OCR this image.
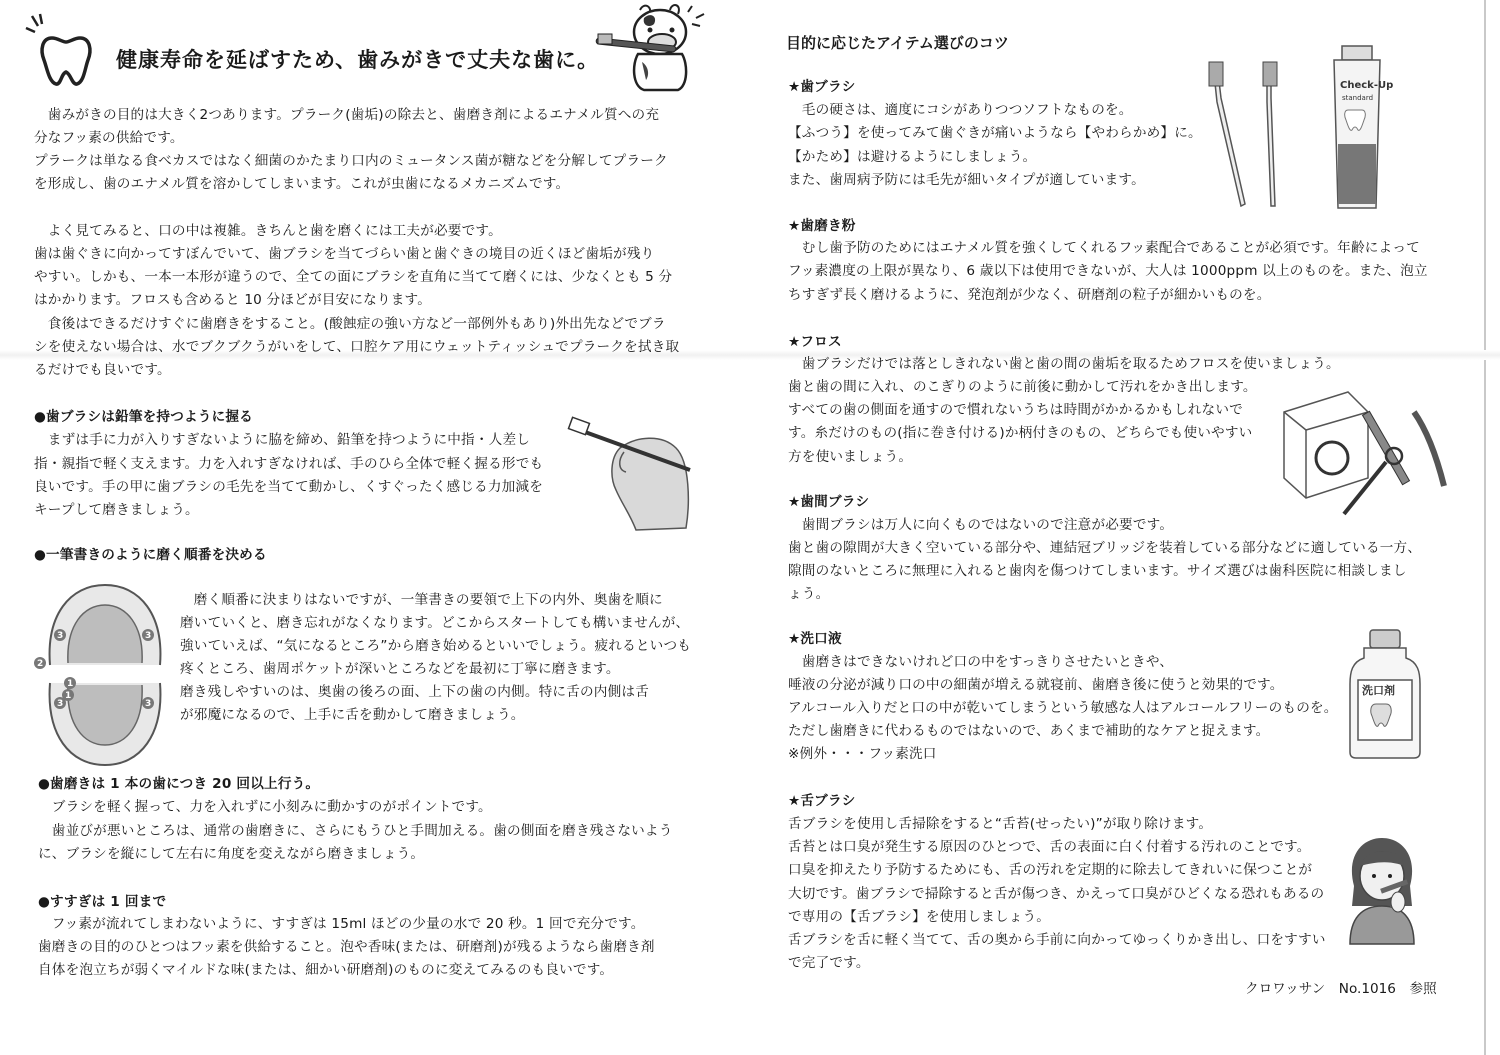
健康寿命を延ばすため、歯みがきで丈夫な歯に。
　歯みがきの目的は大きく2つあります。プラーク(歯垢)の除去と、歯磨き剤によるエナメル質への充
分なフッ素の供給です。
プラークは単なる食べカスではなく細菌のかたまり口内のミュータンス菌が糖などを分解してプラーク
を形成し、歯のエナメル質を溶かしてしまいます。これが虫歯になるメカニズムです。
　よく見てみると、口の中は複雑。きちんと歯を磨くには工夫が必要です。
歯は歯ぐきに向かってすぼんでいて、歯ブラシを当てづらい歯と歯ぐきの境目の近くほど歯垢が残り
やすい。しかも、一本一本形が違うので、全ての面にブラシを直角に当てて磨くには、少なくとも 5 分
はかかります。フロスも含めると 10 分ほどが目安になります。
　食後はできるだけすぐに歯磨きをすること。(酸蝕症の強い方など一部例外もあり)外出先などでブラ
シを使えない場合は、水でブクブクうがいをして、口腔ケア用にウェットティッシュでプラークを拭き取
るだけでも良いです。
●歯ブラシは鉛筆を持つように握る
　まずは手に力が入りすぎないように脇を締め、鉛筆を持つように中指・人差し
指・親指で軽く支えます。力を入れすぎなければ、手のひら全体で軽く握る形でも
良いです。手の甲に歯ブラシの毛先を当てて動かし、くすぐったく感じる力加減を
キープして磨きましょう。
●一筆書きのように磨く順番を決める
3	3
2
1
1
3	3
　磨く順番に決まりはないですが、一筆書きの要領で上下の内外、奥歯を順に
磨いていくと、磨き忘れがなくなります。どこからスタートしても構いませんが、
強いていえば、“気になるところ”から磨き始めるといいでしょう。疲れるといつも
疼くところ、歯周ポケットが深いところなどを最初に丁寧に磨きます。
磨き残しやすいのは、奥歯の後ろの面、上下の歯の内側。特に舌の内側は舌
が邪魔になるので、上手に舌を動かして磨きましょう。
●歯磨きは 1 本の歯につき 20 回以上行う。
　ブラシを軽く握って、力を入れずに小刻みに動かすのがポイントです。
　歯並びが悪いところは、通常の歯磨きに、さらにもうひと手間加える。歯の側面を磨き残さないよう
に、ブラシを縦にして左右に角度を変えながら磨きましょう。
●すすぎは 1 回まで
　フッ素が流れてしまわないように、すすぎは 15ml ほどの少量の水で 20 秒。1 回で充分です。
歯磨きの目的のひとつはフッ素を供給すること。泡や香味(または、研磨剤)が残るようなら歯磨き剤
自体を泡立ちが弱くマイルドな味(または、細かい研磨剤)のものに変えてみるのも良いです。
目的に応じたアイテム選びのコツ
Check-Up
standard
★歯ブラシ
　毛の硬さは、適度にコシがありつつソフトなものを。
【ふつう】を使ってみて歯ぐきが痛いようなら【やわらかめ】に。
【かため】は避けるようにしましょう。
また、歯周病予防には毛先が細いタイプが適しています。
★歯磨き粉
　むし歯予防のためにはエナメル質を強くしてくれるフッ素配合であることが必須です。年齢によって
フッ素濃度の上限が異なり、6 歳以下は使用できないが、大人は 1000ppm 以上のものを。また、泡立
ちすぎず長く磨けるように、発泡剤が少なく、研磨剤の粒子が細かいものを。
★フロス
　歯ブラシだけでは落としきれない歯と歯の間の歯垢を取るためフロスを使いましょう。
歯と歯の間に入れ、のこぎりのように前後に動かして汚れをかき出します。
すべての歯の側面を通すので慣れないうちは時間がかかるかもしれないで
す。糸だけのもの(指に巻き付ける)か柄付きのもの、どちらでも使いやすい
方を使いましょう。
★歯間ブラシ
　歯間ブラシは万人に向くものではないので注意が必要です。
歯と歯の隙間が大きく空いている部分や、連結冠ブリッジを装着している部分などに適している一方、
隙間のないところに無理に入れると歯肉を傷つけてしまいます。サイズ選びは歯科医院に相談しまし
ょう。
★洗口液
　歯磨きはできないけれど口の中をすっきりさせたいときや、
唾液の分泌が減り口の中の細菌が増える就寝前、歯磨き後に使うと効果的です。
アルコール入りだと口の中が乾いてしまうという敏感な人はアルコールフリーのものを。
ただし歯磨きに代わるものではないので、あくまで補助的なケアと捉えます。
※例外・・・フッ素洗口
洗口剤
★舌ブラシ
舌ブラシを使用し舌掃除をすると“舌苔(せったい)”が取り除けます。
舌苔とは口臭が発生する原因のひとつで、舌の表面に白く付着する汚れのことです。
口臭を抑えたり予防するためにも、舌の汚れを定期的に除去してきれいに保つことが
大切です。歯ブラシで掃除すると舌が傷つき、かえって口臭がひどくなる恐れもあるの
で専用の【舌ブラシ】を使用しましょう。
舌ブラシを舌に軽く当てて、舌の奥から手前に向かってゆっくりかき出し、口をすすい
で完了です。
クロワッサン　No.1016　参照
